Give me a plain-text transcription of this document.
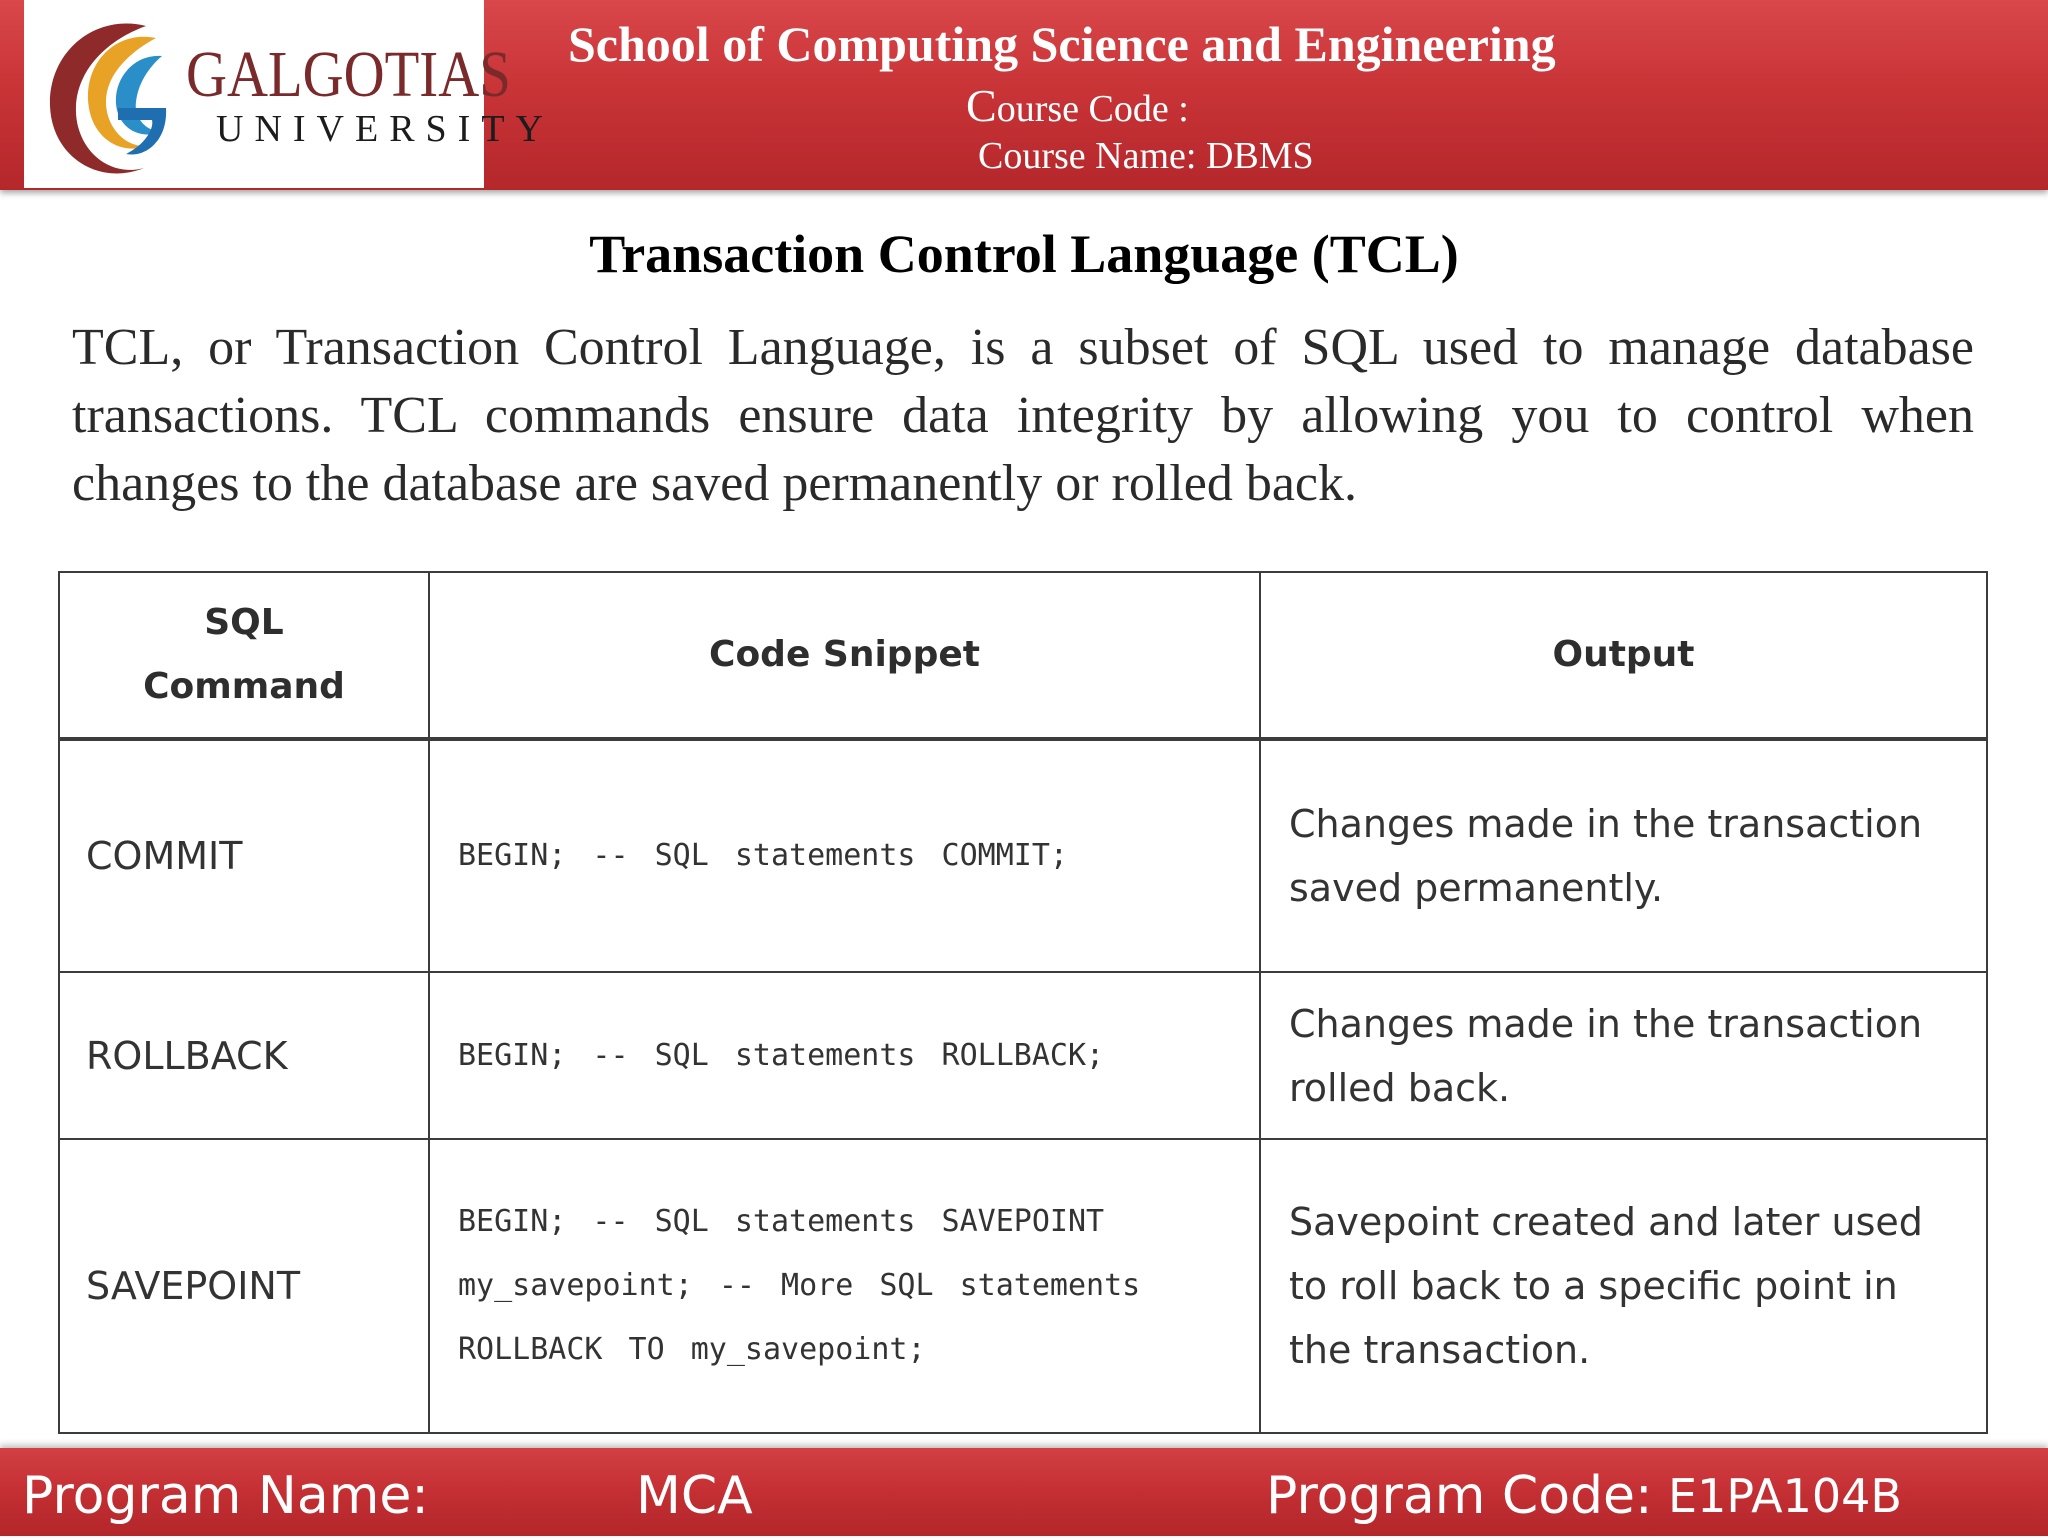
GALGOTIAS
UNIVERSITY
School of Computing Science and Engineering
Course Code :
Course Name: DBMS
Transaction Control Language (TCL)
TCL, or Transaction Control Language, is a subset of SQL used to manage database transactions. TCL commands ensure data integrity by allowing you to control when changes to the database are saved permanently or rolled back.
SQL
Command	Code Snippet	Output
COMMIT	BEGIN; -- SQL statements COMMIT;	Changes made in the transaction saved permanently.
ROLLBACK	BEGIN; -- SQL statements ROLLBACK;	Changes made in the transaction rolled back.
SAVEPOINT	BEGIN; -- SQL statements SAVEPOINT my_savepoint; -- More SQL statements ROLLBACK TO my_savepoint;	Savepoint created and later used to roll back to a specific point in the transaction.
Program Name:	MCA	Program Code: E1PA104B
